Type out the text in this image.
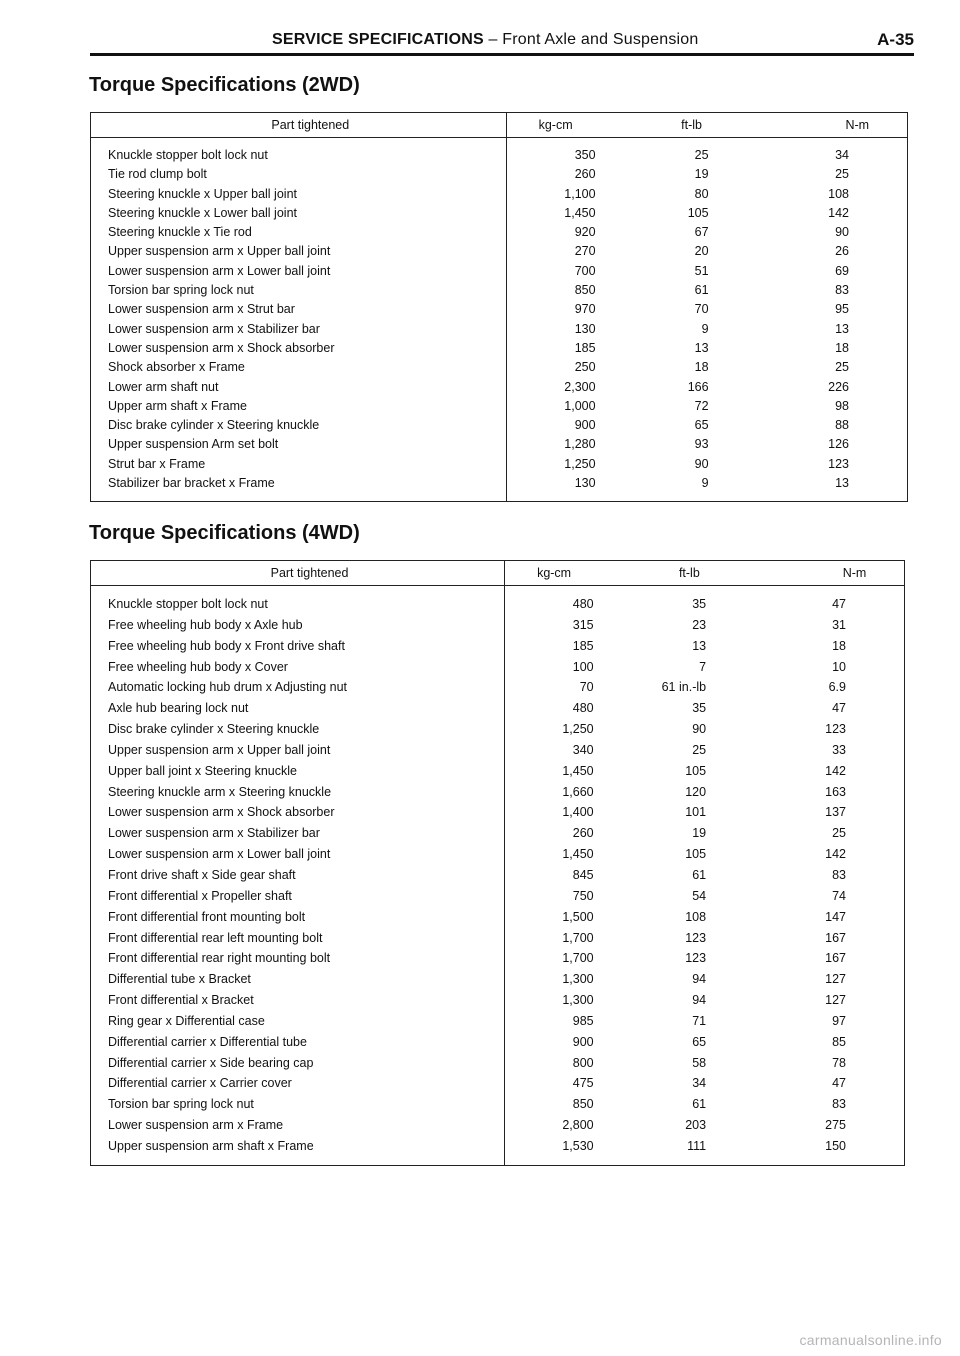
SERVICE SPECIFICATIONS – Front Axle and Suspension	A-35
Torque Specifications (2WD)
Part tightened	kg-cm	ft-lb	N-m

Knuckle stopper bolt lock nut	350	25	34
Tie rod clump bolt	260	19	25
Steering knuckle x Upper ball joint	1,100	80	108
Steering knuckle x Lower ball joint	1,450	105	142
Steering knuckle x Tie rod	920	67	90
Upper suspension arm x Upper ball joint	270	20	26
Lower suspension arm x Lower ball joint	700	51	69
Torsion bar spring lock nut	850	61	83
Lower suspension arm x Strut bar	970	70	95
Lower suspension arm x Stabilizer bar	130	9	13
Lower suspension arm x Shock absorber	185	13	18
Shock absorber x Frame	250	18	25
Lower arm shaft nut	2,300	166	226
Upper arm shaft x Frame	1,000	72	98
Disc brake cylinder x Steering knuckle	900	65	88
Upper suspension Arm set bolt	1,280	93	126
Strut bar x Frame	1,250	90	123
Stabilizer bar bracket x Frame	130	9	13

Torque Specifications (4WD)
Part tightened	kg-cm	ft-lb	N-m

Knuckle stopper bolt lock nut	480	35	47
Free wheeling hub body x Axle hub	315	23	31
Free wheeling hub body x Front drive shaft	185	13	18
Free wheeling hub body x Cover	100	7	10
Automatic locking hub drum x Adjusting nut	70	61 in.-lb	6.9
Axle hub bearing lock nut	480	35	47
Disc brake cylinder x Steering knuckle	1,250	90	123
Upper suspension arm x Upper ball joint	340	25	33
Upper ball joint x Steering knuckle	1,450	105	142
Steering knuckle arm x Steering knuckle	1,660	120	163
Lower suspension arm x Shock absorber	1,400	101	137
Lower suspension arm x Stabilizer bar	260	19	25
Lower suspension arm x Lower ball joint	1,450	105	142
Front drive shaft x Side gear shaft	845	61	83
Front differential x Propeller shaft	750	54	74
Front differential front mounting bolt	1,500	108	147
Front differential rear left mounting bolt	1,700	123	167
Front differential rear right mounting bolt	1,700	123	167
Differential tube x Bracket	1,300	94	127
Front differential x Bracket	1,300	94	127
Ring gear x Differential case	985	71	97
Differential carrier x Differential tube	900	65	85
Differential carrier x Side bearing cap	800	58	78
Differential carrier x Carrier cover	475	34	47
Torsion bar spring lock nut	850	61	83
Lower suspension arm x Frame	2,800	203	275
Upper suspension arm shaft x Frame	1,530	111	150

carmanualsonline.info
